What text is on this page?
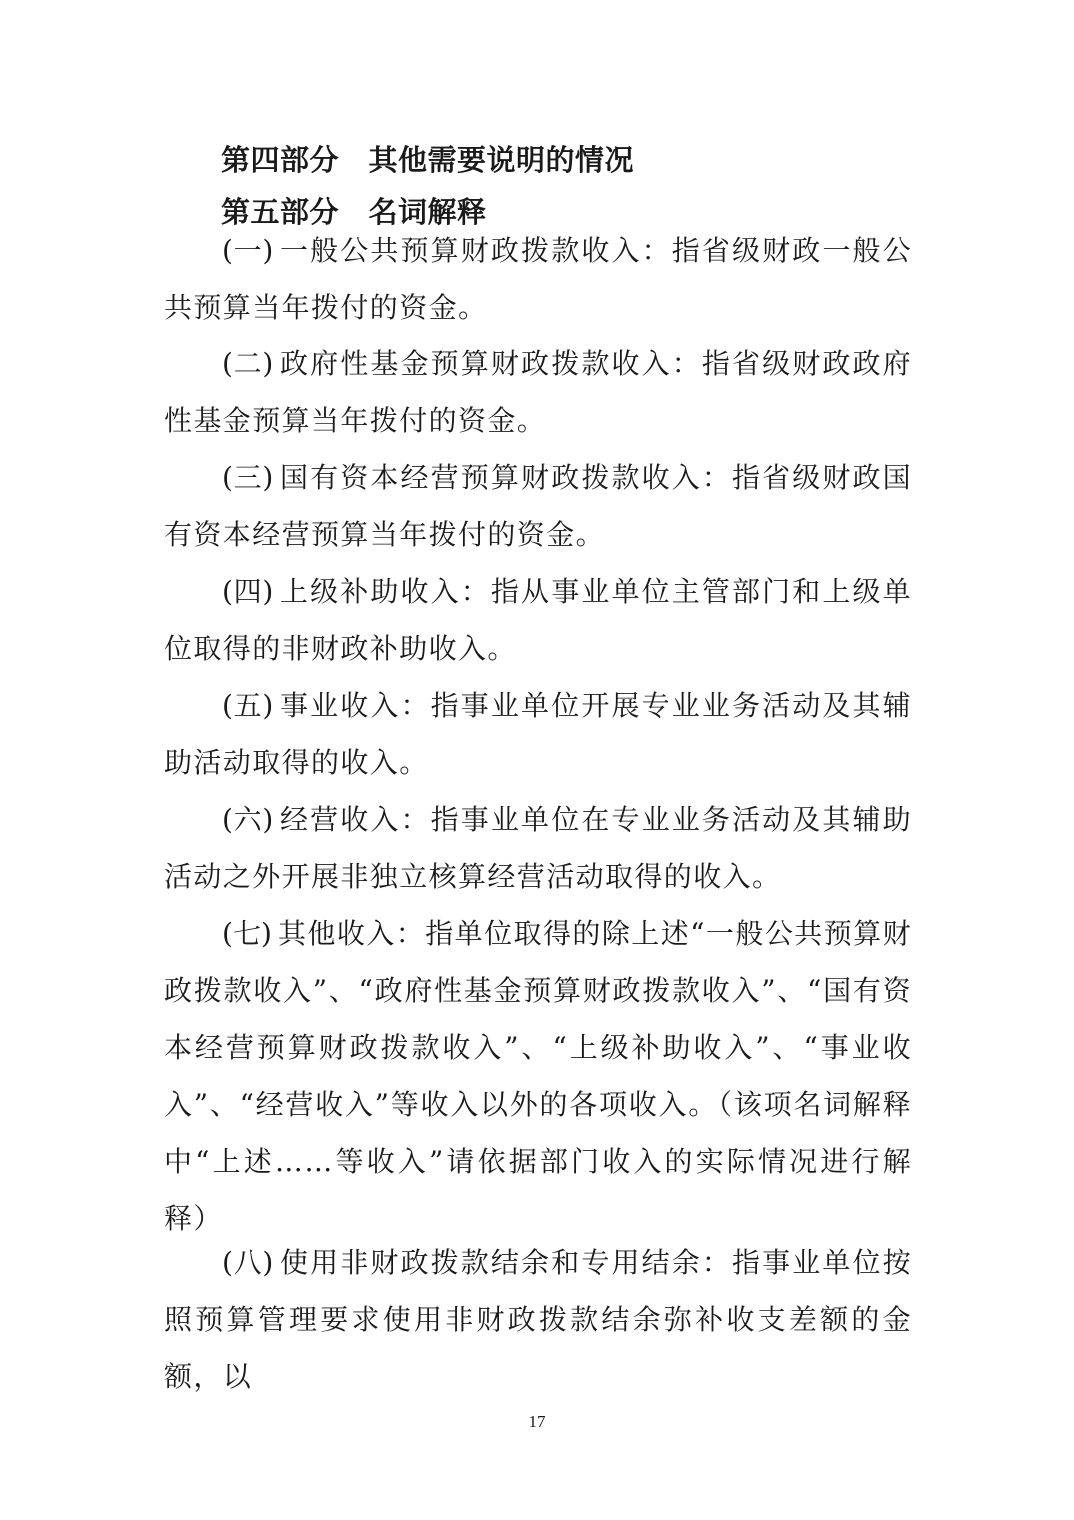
第四部分　其他需要说明的情况
第五部分　名词解释

(一) 一般公共预算财政拨款收入：指省级财政一般公共预算当年拨付的资金。

(二) 政府性基金预算财政拨款收入：指省级财政政府性基金预算当年拨付的资金。

(三) 国有资本经营预算财政拨款收入：指省级财政国有资本经营预算当年拨付的资金。

(四) 上级补助收入：指从事业单位主管部门和上级单位取得的非财政补助收入。

(五) 事业收入：指事业单位开展专业业务活动及其辅助活动取得的收入。

(六) 经营收入：指事业单位在专业业务活动及其辅助活动之外开展非独立核算经营活动取得的收入。

(七) 其他收入：指单位取得的除上述“一般公共预算财政拨款收入”、“政府性基金预算财政拨款收入”、“国有资本经营预算财政拨款收入”、“上级补助收入”、“事业收入”、“经营收入”等收入以外的各项收入。（该项名词解释中“上述……等收入”请依据部门收入的实际情况进行解释）

(八) 使用非财政拨款结余和专用结余：指事业单位按照预算管理要求使用非财政拨款结余弥补收支差额的金额，以

17
